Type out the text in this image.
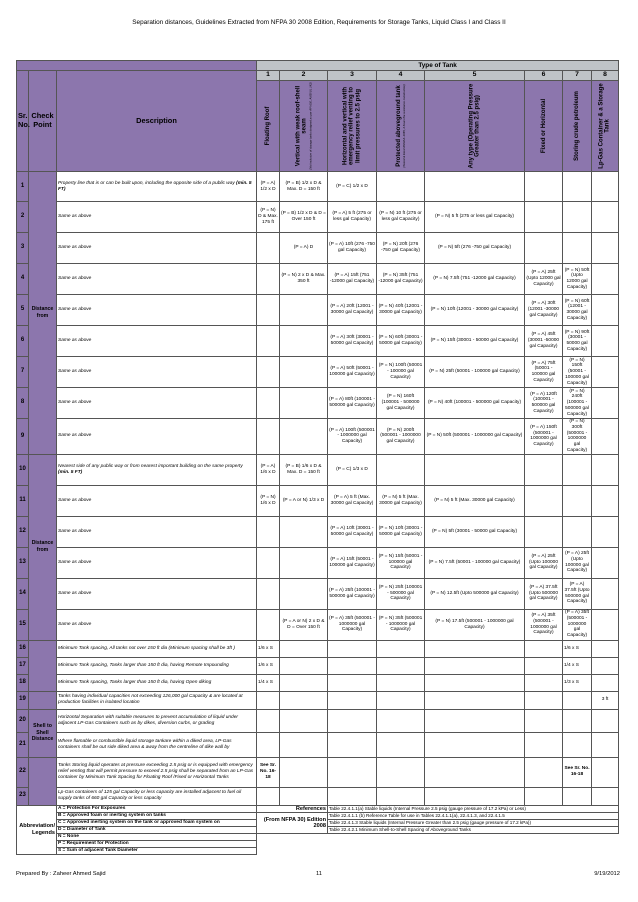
Separation distances, Guidelines Extracted from NFPA 30 2008 Edition, Requirements for Storage Tanks, Liquid Class I and Class II
			Type of Tank								
Sr. No.	Check Point	Description	1	2	3	4	5	6	7	8	

			Floating Roof	Vertical with weak roof-shell seam (Not inclusive of storage tanks designed as per API 650, ANSI/UL 142)	Horizontal and vertical with emergency relief venting to limit pressures to 2.5 psig	Protected aboveground tank (Tested & listed ANSI/UL 2085, 2 hours fire resistance construction)	Any type (Operating Pressure Greater than 2.5 psig)	Fixed or Horizontal	Storing crude petroleum	Lp-Gas Container & a Storage Tank	

1	Distance from	Property line that is or can be built upon, including the opposite side of a public way (min. 5 FT)	(P = A) 1/2 x D	(P = B) 1/2 x D & Max. D = 150 ft	(P = C) 1/2 x D						
2		Same as above	(P = N) D & Max. 175 ft	(P = B) 1/2 x D & D = Over 150 ft	(P = A) 5 ft (275 or less gal Capacity)	(P = N) 10 ft (275 or less gal Capacity)	(P = N) 5 ft (275 or less gal Capacity)				
3		Same as above		(P = A) D	(P = A) 10ft (276 -750 gal Capacity)	(P = N) 20ft (276 -750 gal Capacity)	(P = N) 5ft (276 -750 gal Capacity)				
4		Same as above		(P = N) 2 x D & Max. 350 ft	(P = A) 15ft (751 -12000 gal Capacity)	(P = N) 35ft (751 -12000 gal Capacity)	(P = N) 7.5ft (751 -12000 gal Capacity)	(P = A) 25ft (Upto 12000 gal Capacity)	(P = N) 50ft (Upto 12000 gal Capacity)		
5		Same as above			(P = A) 20ft (12001 - 30000 gal Capacity)	(P = N) 40ft (12001 - 30000 gal Capacity)	(P = N) 10ft (12001 - 30000 gal Capacity)	(P = A) 30ft (12001 -30000 gal Capacity)	(P = N) 60ft (12001 - 30000 gal Capacity)		
6		Same as above			(P = A) 30ft (30001 - 50000 gal Capacity)	(P = N) 60ft (30001 - 50000 gal Capacity)	(P = N) 15ft (30001 - 50000 gal Capacity)	(P = A) 45ft (30001 -50000 gal Capacity)	(P = N) 90ft (30001 - 50000 gal Capacity)		
7		Same as above			(P = A) 50ft (50001 - 100000 gal Capacity)	(P = N) 100ft (50001 - 100000 gal Capacity)	(P = N) 25ft (50001 - 100000 gal Capacity)	(P = A) 75ft (50001 - 100000 gal Capacity)	(P = N) 150ft (50001 - 100000 gal Capacity)		
8		Same as above			(P = A) 80ft (100001 - 500000 gal Capacity)	(P = N) 160ft (100001 - 500000 gal Capacity)	(P = N) 40ft (100001 - 500000 gal Capacity)	(P = A) 120ft (100001 - 500000 gal Capacity)	(P = N) 240ft (100001 - 500000 gal Capacity)		
9		Same as above			(P = A) 100ft (500001 - 1000000 gal Capacity)	(P = N) 200ft (500001 - 1000000 gal Capacity)	(P = N) 50ft (500001 - 1000000 gal Capacity)	(P = A) 150ft (500001 - 1000000 gal Capacity)	(P = N) 300ft (500001 - 1000000 gal Capacity)		
10	Distance from	Nearest side of any public way or from nearest important building on the same property (min. 5 FT)	(P = A) 1/6 x D	(P = B) 1/6 x D & Max. D = 150 ft	(P = C) 1/3 x D						
11		Same as above	(P = N) 1/6 x D	(P = A or N) 1/3 x D	(P = A) 5 ft (Max. 30000 gal Capacity)	(P = N) 5 ft (Max. 30000 gal Capacity)	(P = N) 5 ft (Max. 30000 gal Capacity)				
12		Same as above			(P = A) 10ft (30001 - 50000 gal Capacity)	(P = N) 10ft (30001 - 50000 gal Capacity)	(P = N) 5ft (30001 - 50000 gal Capacity)				
13		Same as above			(P = A) 15ft (50001 - 100000 gal Capacity)	(P = N) 15ft (50001 - 100000 gal Capacity)	(P = N) 7.5ft (50001 - 100000 gal Capacity)	(P = A) 25ft (Upto 100000 gal Capacity)	(P = A) 25ft (Upto 100000 gal Capacity)		
14		Same as above			(P = A) 25ft (100001 - 500000 gal Capacity)	(P = N) 25ft (100001 - 500000 gal Capacity)	(P = N) 12.5ft (Upto 500000 gal Capacity)	(P = A) 37.5ft (Upto 500000 gal Capacity)	(P = A) 37.5ft (Upto 500000 gal Capacity)		
15		Same as above		(P = A or N) 2 x D & D = Over 150 ft	(P = A) 35ft (500001 - 1000000 gal Capacity)	(P = N) 35ft (500001 - 1000000 gal Capacity)	(P = N) 17.5ft (500001 - 1000000 gal Capacity)	(P = A) 35ft (500001 - 1000000 gal Capacity)	(P = A) 35ft (500001 - 1000000 gal Capacity)		
16		Minimum Tank spacing, All tanks not over 150 ft dia (Minimum spacing shall be 3ft )	1/6 x S						1/6 x S		
17		Minimum Tank spacing, Tanks larger than 150 ft dia, having Remote Impounding	1/6 x S						1/4 x S		
18		Minimum Tank spacing, Tanks larger than 150 ft dia, having Open diking	1/4 x S						1/3 x S		
19		Tanks having individual capacities not exceeding 126,000 gal Capacity & are located at production facilities in isolated location								3 ft	
20	Shell to Shell Distance	Horizontal Separation with suitable measures to prevent accumulation of liquid under adjacent LP-Gas Containers such as by dikes, diversion curbs, or grading									
21		Where flamable or combustible liquid storage tankare within a diked area, LP-Gas containers shall be out side diked area & away from the centreline of dike wall by									
22		Tanks Storing liquid operates at pressure exceeding 2.5 psig or is equipped with emergency relief venting that will permit pressure to exceed 2.5 psig shall be separated from an LP-Gas container by Minimum Tank Spacing for Floating Roof /Fixed or Horizontal Tanks	See Sr. No. 16-18						See Sr. No. 16-18		
23		Lp-Gas containers of 125 gal Capacity or less capacity are installed adjacent to fuel oil supply tanks of 660 gal Capacity or less capacity									
Abbreviation/ Legends		A = Protection For Exposures	References		Table 22.4.1.1(a) Stable liquids (Internal Pressure 2.5 psig (gauge pressure of 17.2 kPa) or Less)						
		B = Approved foam or inerting system on tanks	(From NFPA 30) Edition 2008		Table 22.4.1.1 (b) Reference Table for use in Tables 22.4.1.1(a), 22.4.1.3, and 22.4.1.5						
		C = Approved inerting system on the tank or approved foam system on			Table 22.4.1.3 Stable liquids (Internal Pressure Greater than 2.5 psig (gauge pressure of 17.2 kPa))						
		D = Diameter of Tank			Table 22.4.2.1 Minimum Shell-to-Shell Spacing of Aboveground Tanks						
		N = None									
		P = Requirement for Protection									
		S = Sum of adjacent Tank Diameter									
Prepared By : Zaheer Ahmed Sajid	11	9/19/2012
